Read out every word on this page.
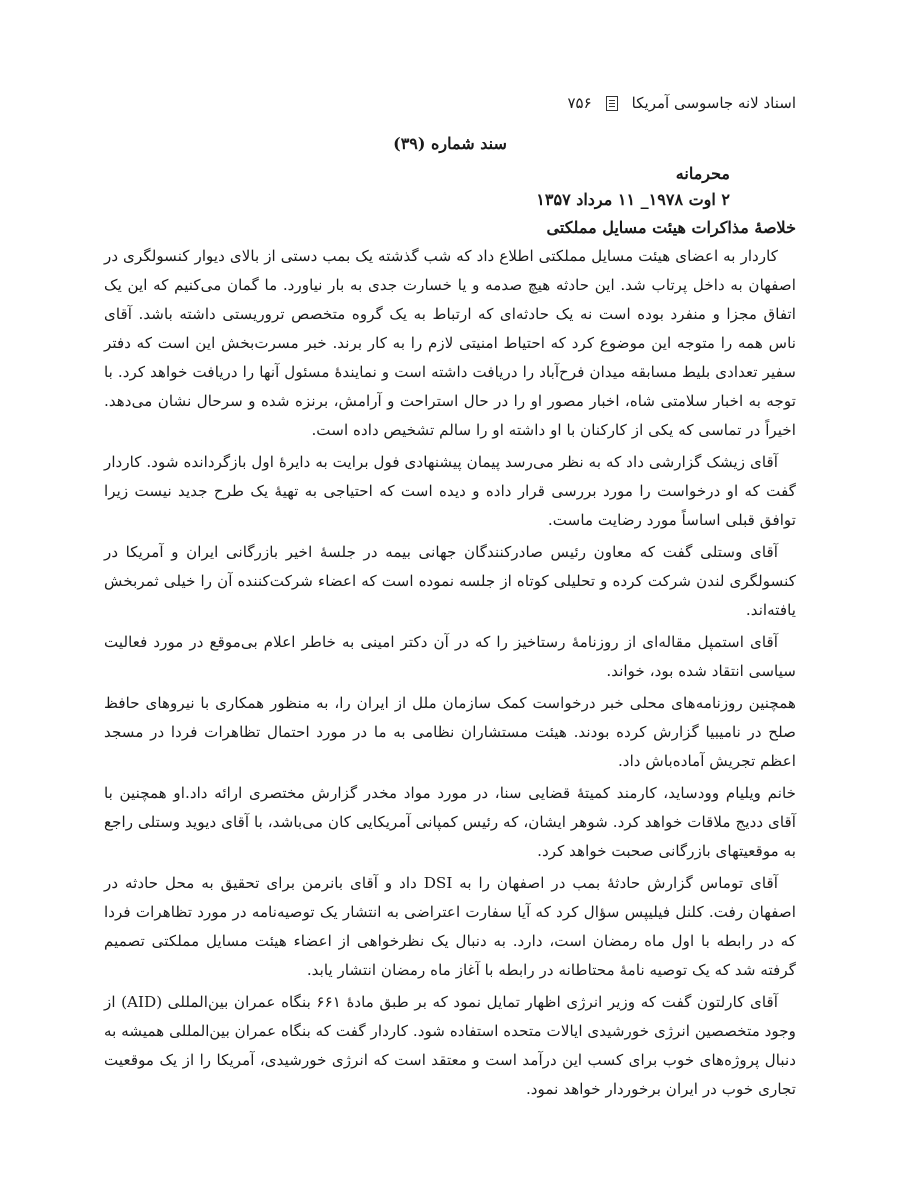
اسناد لانه جاسوسی آمریکا
۷۵۶
سند شماره (۳۹)
محرمانه
۲ اوت ۱۹۷۸_ ۱۱ مرداد ۱۳۵۷
خلاصهٔ مذاکرات هیئت مسایل مملکتی

کاردار به اعضای هیئت مسایل مملکتی اطلاع داد که شب گذشته یک بمب دستی از بالای دیوار کنسولگری در اصفهان به داخل پرتاب شد. این حادثه هیچ صدمه و یا خسارت جدی به بار نیاورد. ما گمان می‌کنیم که این یک اتفاق مجزا و منفرد بوده است نه یک حادثه‌ای که ارتباط به یک گروه متخصص تروریستی داشته باشد. آقای ناس همه را متوجه این موضوع کرد که احتیاط امنیتی لازم را به کار برند. خبر مسرت‌بخش این است که دفتر سفیر تعدادی بلیط مسابقه میدان فرح‌آباد را دریافت داشته است و نمایندهٔ مسئول آنها را دریافت خواهد کرد. با توجه به اخبار سلامتی شاه، اخبار مصور او را در حال استراحت و آرامش، برنزه شده و سرحال نشان می‌دهد. اخیراً در تماسی که یکی از کارکنان با او داشته او را سالم تشخیص داده است.

آقای زیشک گزارشی داد که به نظر می‌رسد پیمان پیشنهادی فول برایت به دایرهٔ اول بازگردانده شود. کاردار گفت که او درخواست را مورد بررسی قرار داده و دیده است که احتیاجی به تهیهٔ یک طرح جدید نیست زیرا توافق قبلی اساساً مورد رضایت ماست.

آقای وستلی گفت که معاون رئیس صادرکنندگان جهانی بیمه در جلسهٔ اخیر بازرگانی ایران و آمریکا در کنسولگری لندن شرکت کرده و تحلیلی کوتاه از جلسه نموده است که اعضاء شرکت‌کننده آن را خیلی ثمربخش یافته‌اند.

آقای استمپل مقاله‌ای از روزنامهٔ رستاخیز را که در آن دکتر امینی به خاطر اعلام بی‌موقع در مورد فعالیت سیاسی انتقاد شده بود، خواند.

همچنین روزنامه‌های محلی خبر درخواست کمک سازمان ملل از ایران را، به منظور همکاری با نیروهای حافظ صلح در نامیبیا گزارش کرده بودند. هیئت مستشاران نظامی به ما در مورد احتمال تظاهرات فردا در مسجد اعظم تجریش آماده‌باش داد.

خانم ویلیام وودساید، کارمند کمیتهٔ قضایی سنا، در مورد مواد مخدر گزارش مختصری ارائه داد.او همچنین با آقای ددیج ملاقات خواهد کرد. شوهر ایشان، که رئیس کمپانی آمریکایی کان می‌باشد، با آقای دیوید وستلی راجع به موقعیتهای بازرگانی صحبت خواهد کرد.

آقای توماس گزارش حادثهٔ بمب در اصفهان را به DSI داد و آقای بانرمن برای تحقیق به محل حادثه در اصفهان رفت. کلنل فیلیپس سؤال کرد که آیا سفارت اعتراضی به انتشار یک توصیه‌نامه در مورد تظاهرات فردا که در رابطه با اول ماه رمضان است، دارد. به دنبال یک نظرخواهی از اعضاء هیئت مسایل مملکتی تصمیم گرفته شد که یک توصیه نامهٔ محتاطانه در رابطه با آغاز ماه رمضان انتشار یابد.

آقای کارلتون گفت که وزیر انرژی اظهار تمایل نمود که بر طبق مادهٔ ۶۶۱ بنگاه عمران بین‌المللی (AID) از وجود متخصصین انرژی خورشیدی ایالات متحده استفاده شود. کاردار گفت که بنگاه عمران بین‌المللی همیشه به دنبال پروژه‌های خوب برای کسب این درآمد است و معتقد است که انرژی خورشیدی، آمریکا را از یک موقعیت تجاری خوب در ایران برخوردار خواهد نمود.
